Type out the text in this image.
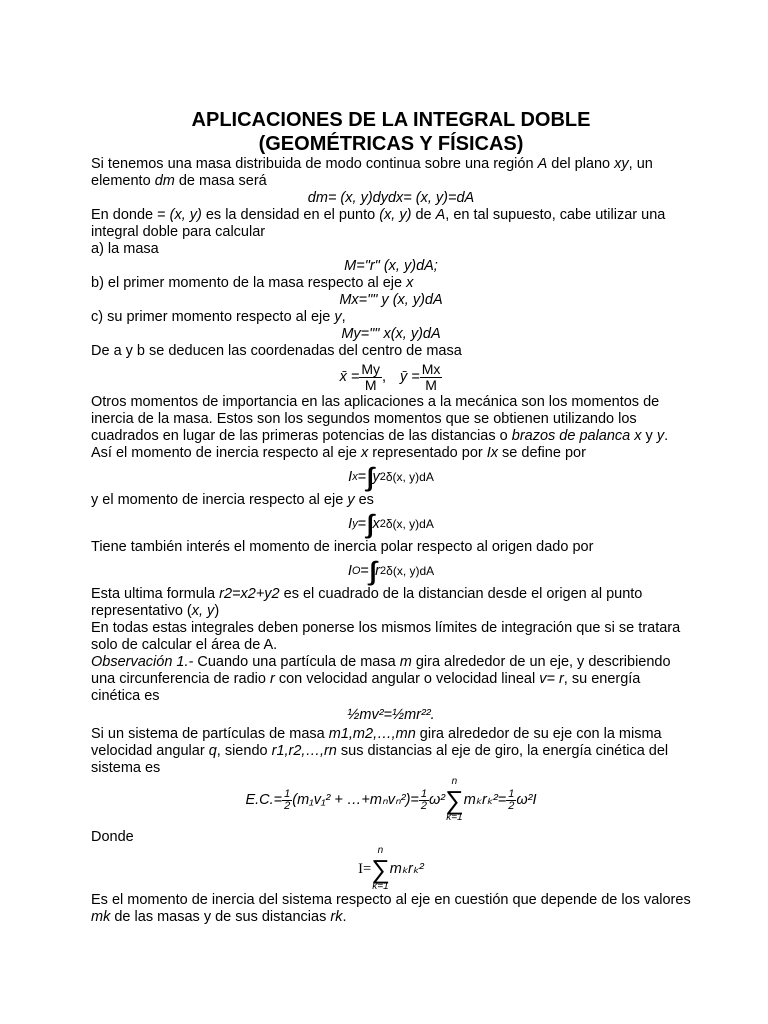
APLICACIONES DE LA INTEGRAL DOBLE
(GEOMÉTRICAS Y FÍSICAS)

Si tenemos una masa distribuida de modo continua sobre una región A del plano xy, un elemento dm de masa será

dm= (x, y)dydx= (x, y)=dA

En donde = (x, y) es la densidad en el punto (x, y) de A, en tal supuesto, cabe utilizar una integral doble para calcular

a) la masa

M="r" (x, y)dA;

b) el primer momento de la masa respecto al eje x

Mx="" y (x, y)dA

c) su primer momento respecto al eje y,

My="" x(x, y)dA

De a y b se deducen las coordenadas del centro de masa

x̄ = $\frac{My}{M}$ , ȳ = $\frac{Mx}{M}$

Otros momentos de importancia en las aplicaciones a la mecánica son los momentos de inercia de la masa. Estos son los segundos momentos que se obtienen utilizando los cuadrados en lugar de las primeras potencias de las distancias o brazos de palanca x y y. Así el momento de inercia respecto al eje x representado por Ix se define por

I x = ∫∫
y 2 δ(x, y)dA

y el momento de inercia respecto al eje y es

I y = ∫∫
x 2 δ(x, y)dA

Tiene también interés el momento de inercia polar respecto al origen dado por

I O = ∫∫
r 2 δ(x, y)dA

Esta ultima formula r2=x2+y2 es el cuadrado de la distancian desde el origen al punto representativo (x, y)

En todas estas integrales deben ponerse los mismos límites de integración que si se tratara solo de calcular el área de A.

Observación 1.- Cuando una partícula de masa m gira alrededor de un eje, y describiendo una circunferencia de radio r con velocidad angular o velocidad lineal v= r, su energía cinética es

½mv²=½mr²².

Si un sistema de partículas de masa m1,m2,…,mn gira alrededor de su eje con la misma velocidad angular q, siendo r1,r2,…,rn sus distancias al eje de giro, la energía cinética del sistema es

$E.C.= \frac{1}{2} (m_1v_1^2$ + …+mₙvₙ²)= $\frac{1}{2} \omega^2$
n
∑
k=1
$m_kr_k^2 = \frac{1}{2} \omega^2I$

Donde

I=
n
∑
k=1
mₖrₖ²

Es el momento de inercia del sistema respecto al eje en cuestión que depende de los valores mk de las masas y de sus distancias rk.
